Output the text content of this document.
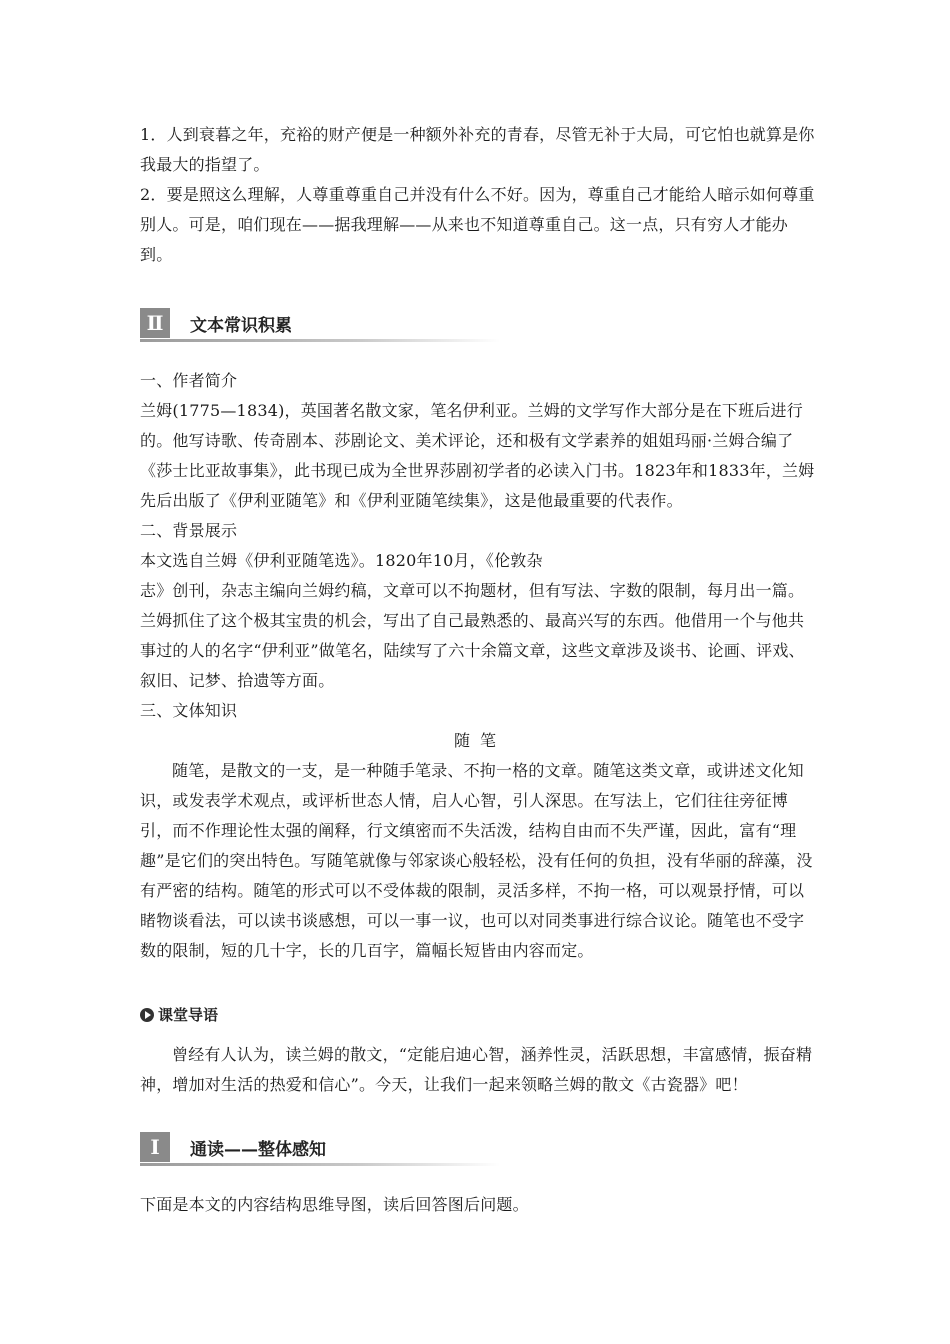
1．人到衰暮之年，充裕的财产便是一种额外补充的青春，尽管无补于大局，可它怕也就算是你我最大的指望了。

2．要是照这么理解，人尊重尊重自己并没有什么不好。因为，尊重自己才能给人暗示如何尊重别人。可是，咱们现在——据我理解——从来也不知道尊重自己。这一点，只有穷人才能办到。

Ⅱ	文本常识积累

一、作者简介

兰姆(1775—1834)，英国著名散文家，笔名伊利亚。兰姆的文学写作大部分是在下班后进行的。他写诗歌、传奇剧本、莎剧论文、美术评论，还和极有文学素养的姐姐玛丽·兰姆合编了《莎士比亚故事集》，此书现已成为全世界莎剧初学者的必读入门书。1823年和1833年，兰姆先后出版了《伊利亚随笔》和《伊利亚随笔续集》，这是他最重要的代表作。

二、背景展示

本文选自兰姆《伊利亚随笔选》。1820年10月，《伦敦杂

志》创刊，杂志主编向兰姆约稿，文章可以不拘题材，但有写法、字数的限制，每月出一篇。兰姆抓住了这个极其宝贵的机会，写出了自己最熟悉的、最高兴写的东西。他借用一个与他共事过的人的名字“伊利亚”做笔名，陆续写了六十余篇文章，这些文章涉及谈书、论画、评戏、叙旧、记梦、拾遗等方面。

三、文体知识

随笔

随笔，是散文的一支，是一种随手笔录、不拘一格的文章。随笔这类文章，或讲述文化知识，或发表学术观点，或评析世态人情，启人心智，引人深思。在写法上，它们往往旁征博引，而不作理论性太强的阐释，行文缜密而不失活泼，结构自由而不失严谨，因此，富有“理趣”是它们的突出特色。写随笔就像与邻家谈心般轻松，没有任何的负担，没有华丽的辞藻，没有严密的结构。随笔的形式可以不受体裁的限制，灵活多样，不拘一格，可以观景抒情，可以睹物谈看法，可以读书谈感想，可以一事一议，也可以对同类事进行综合议论。随笔也不受字数的限制，短的几十字，长的几百字，篇幅长短皆由内容而定。

课堂导语

曾经有人认为，读兰姆的散文，“定能启迪心智，涵养性灵，活跃思想，丰富感情，振奋精神，增加对生活的热爱和信心”。今天，让我们一起来领略兰姆的散文《古瓷器》吧！

Ⅰ	通读——整体感知

下面是本文的内容结构思维导图，读后回答图后问题。
